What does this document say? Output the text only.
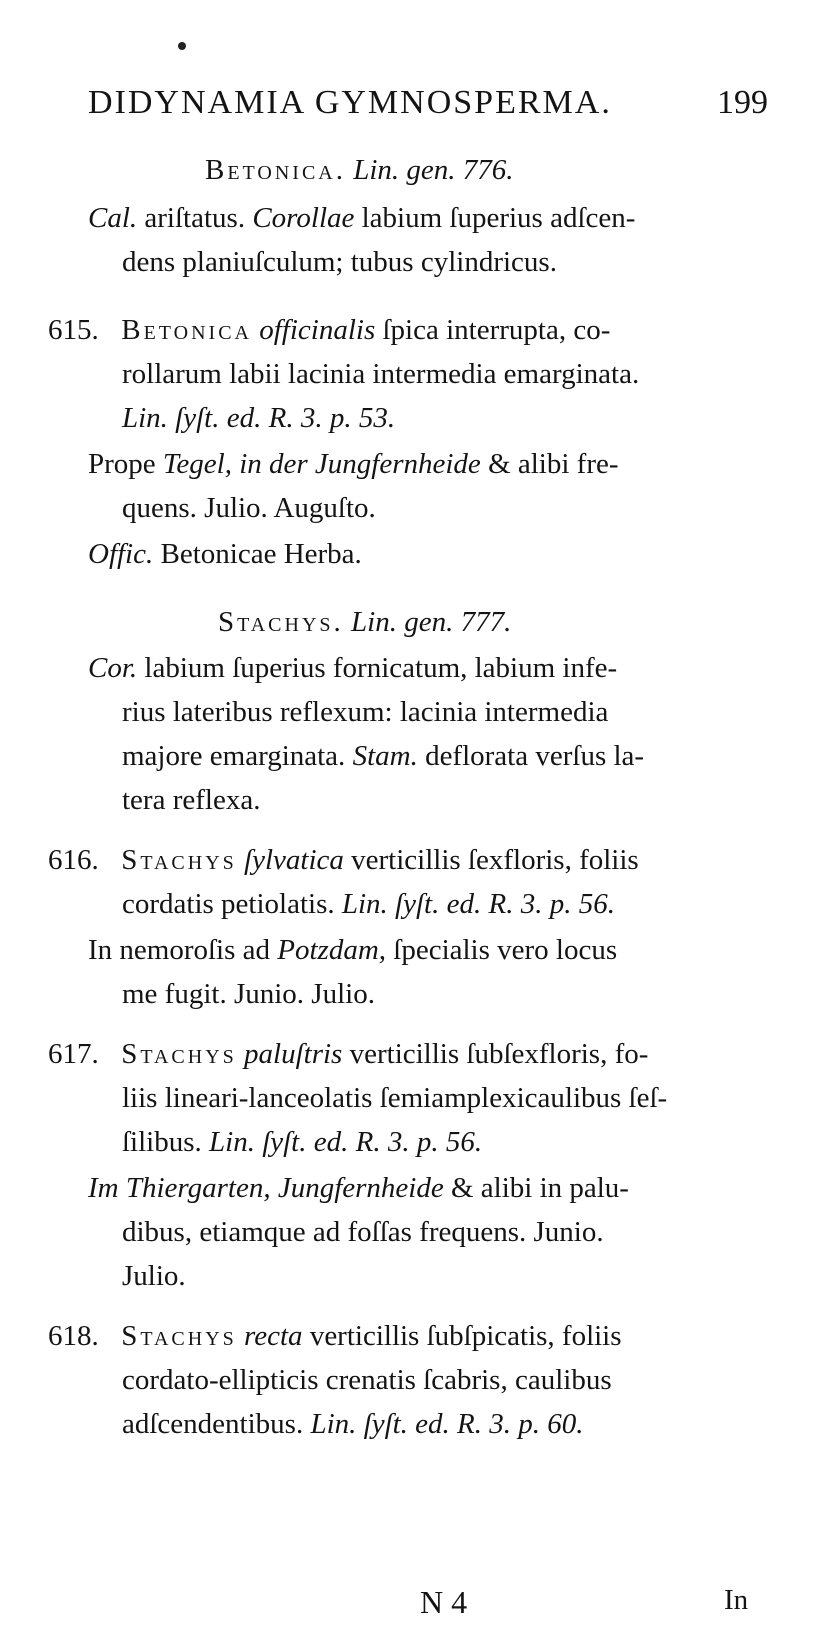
DIDYNAMIA GYMNOSPERMA.	199
Betonica. Lin. gen. 776.
Cal. ariſtatus. Corollae labium ſuperius adſcen-
dens planiuſculum; tubus cylindricus.
615. Betonica officinalis ſpica interrupta, co-
rollarum labii lacinia intermedia emarginata.
Lin. ſyſt. ed. R. 3. p. 53.
Prope Tegel, in der Jungfernheide & alibi fre-
quens. Julio. Auguſto.
Offic. Betonicae Herba.
Stachys. Lin. gen. 777.
Cor. labium ſuperius fornicatum, labium infe-
rius lateribus reflexum: lacinia intermedia
majore emarginata. Stam. deflorata verſus la-
tera reflexa.
616. Stachys ſylvatica verticillis ſexfloris, foliis
cordatis petiolatis. Lin. ſyſt. ed. R. 3. p. 56.
In nemoroſis ad Potzdam, ſpecialis vero locus
me fugit. Junio. Julio.
617. Stachys paluſtris verticillis ſubſexfloris, fo-
liis lineari-lanceolatis ſemiamplexicaulibus ſeſ-
ſilibus. Lin. ſyſt. ed. R. 3. p. 56.
Im Thiergarten, Jungfernheide & alibi in palu-
dibus, etiamque ad foſſas frequens. Junio.
Julio.
618. Stachys recta verticillis ſubſpicatis, foliis
cordato-ellipticis crenatis ſcabris, caulibus
adſcendentibus. Lin. ſyſt. ed. R. 3. p. 60.
N 4	In
